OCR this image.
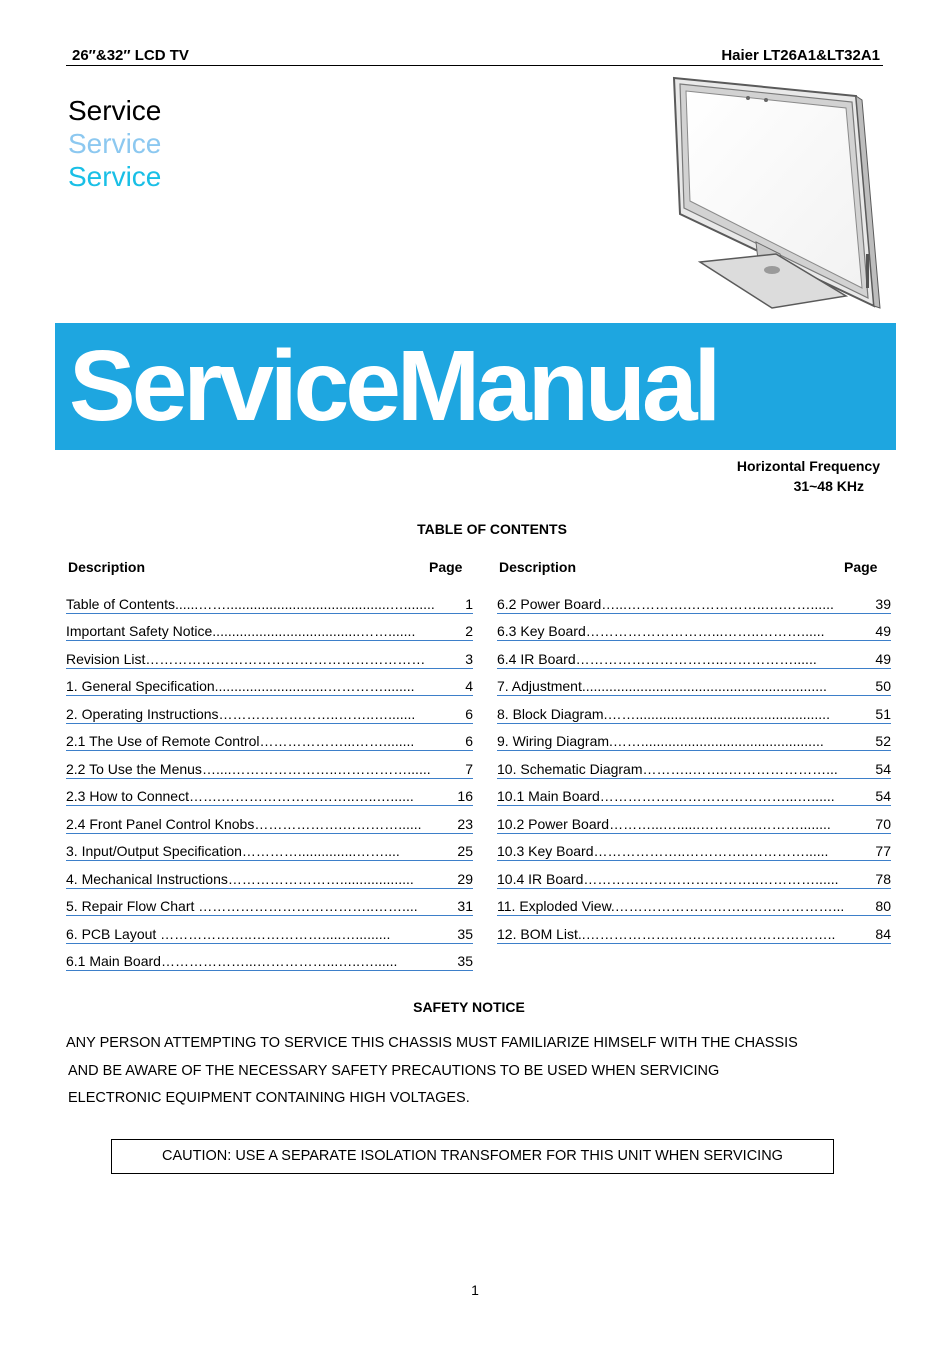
26″&32″ LCD TV	Haier LT26A1&LT32A1
Service
Service
Service
ServiceManual
Horizontal Frequency
31~48 KHz
TABLE OF CONTENTS
Description	Page	Description	Page
Table of Contents......……..........................................…........ 1
Important Safety Notice......................................…….......	2
Revision List……………………………………………………	3
1. General Specification.............................…………........	4
2. Operating Instructions……………………..……..….......	6
2.1 The Use of Remote Control………………...……........	6
2.2 To Use the Menus…....…………………..……………...... 7
2.3 How to Connect…….………………………..…..…......	16
2.4 Front Panel Control Knobs……………….…………......	23
3. Input/Output Specification…………...............……....	25
4. Mechanical Instructions……………………...................	29
5. Repair Flow Chart ………………………………..……....	31
6. PCB Layout ………………..…………….....….........	35
6.1 Main Board………………...……………...…..…......	35
6.2 Power Board…...………….……………..….……......	39
6.3 Key Board………………………...……..………......	49
6.4 IR Board…………………………..……………......	49
7. Adjustment...............................................................	50
8. Block Diagram.……..................................................	51
9. Wiring Diagram.……...............................................	52
10. Schematic Diagram………..……..…………………...	54
10.1 Main Board…………….……………………...…......	54
10.2 Power Board………...…......………....………........	70
10.3 Key Board………………..…………..…………......	77
10.4 IR Board………………………………..…………......	78
11. Exploded View.………………………..………………... 80
12. BOM List..……………….……………………………..	84
SAFETY NOTICE
ANY PERSON ATTEMPTING TO SERVICE THIS CHASSIS MUST FAMILIARIZE HIMSELF WITH THE CHASSIS
AND BE AWARE OF THE NECESSARY SAFETY PRECAUTIONS TO BE USED WHEN SERVICING
ELECTRONIC EQUIPMENT CONTAINING HIGH VOLTAGES.
CAUTION: USE A SEPARATE ISOLATION TRANSFOMER FOR THIS UNIT WHEN SERVICING
1
